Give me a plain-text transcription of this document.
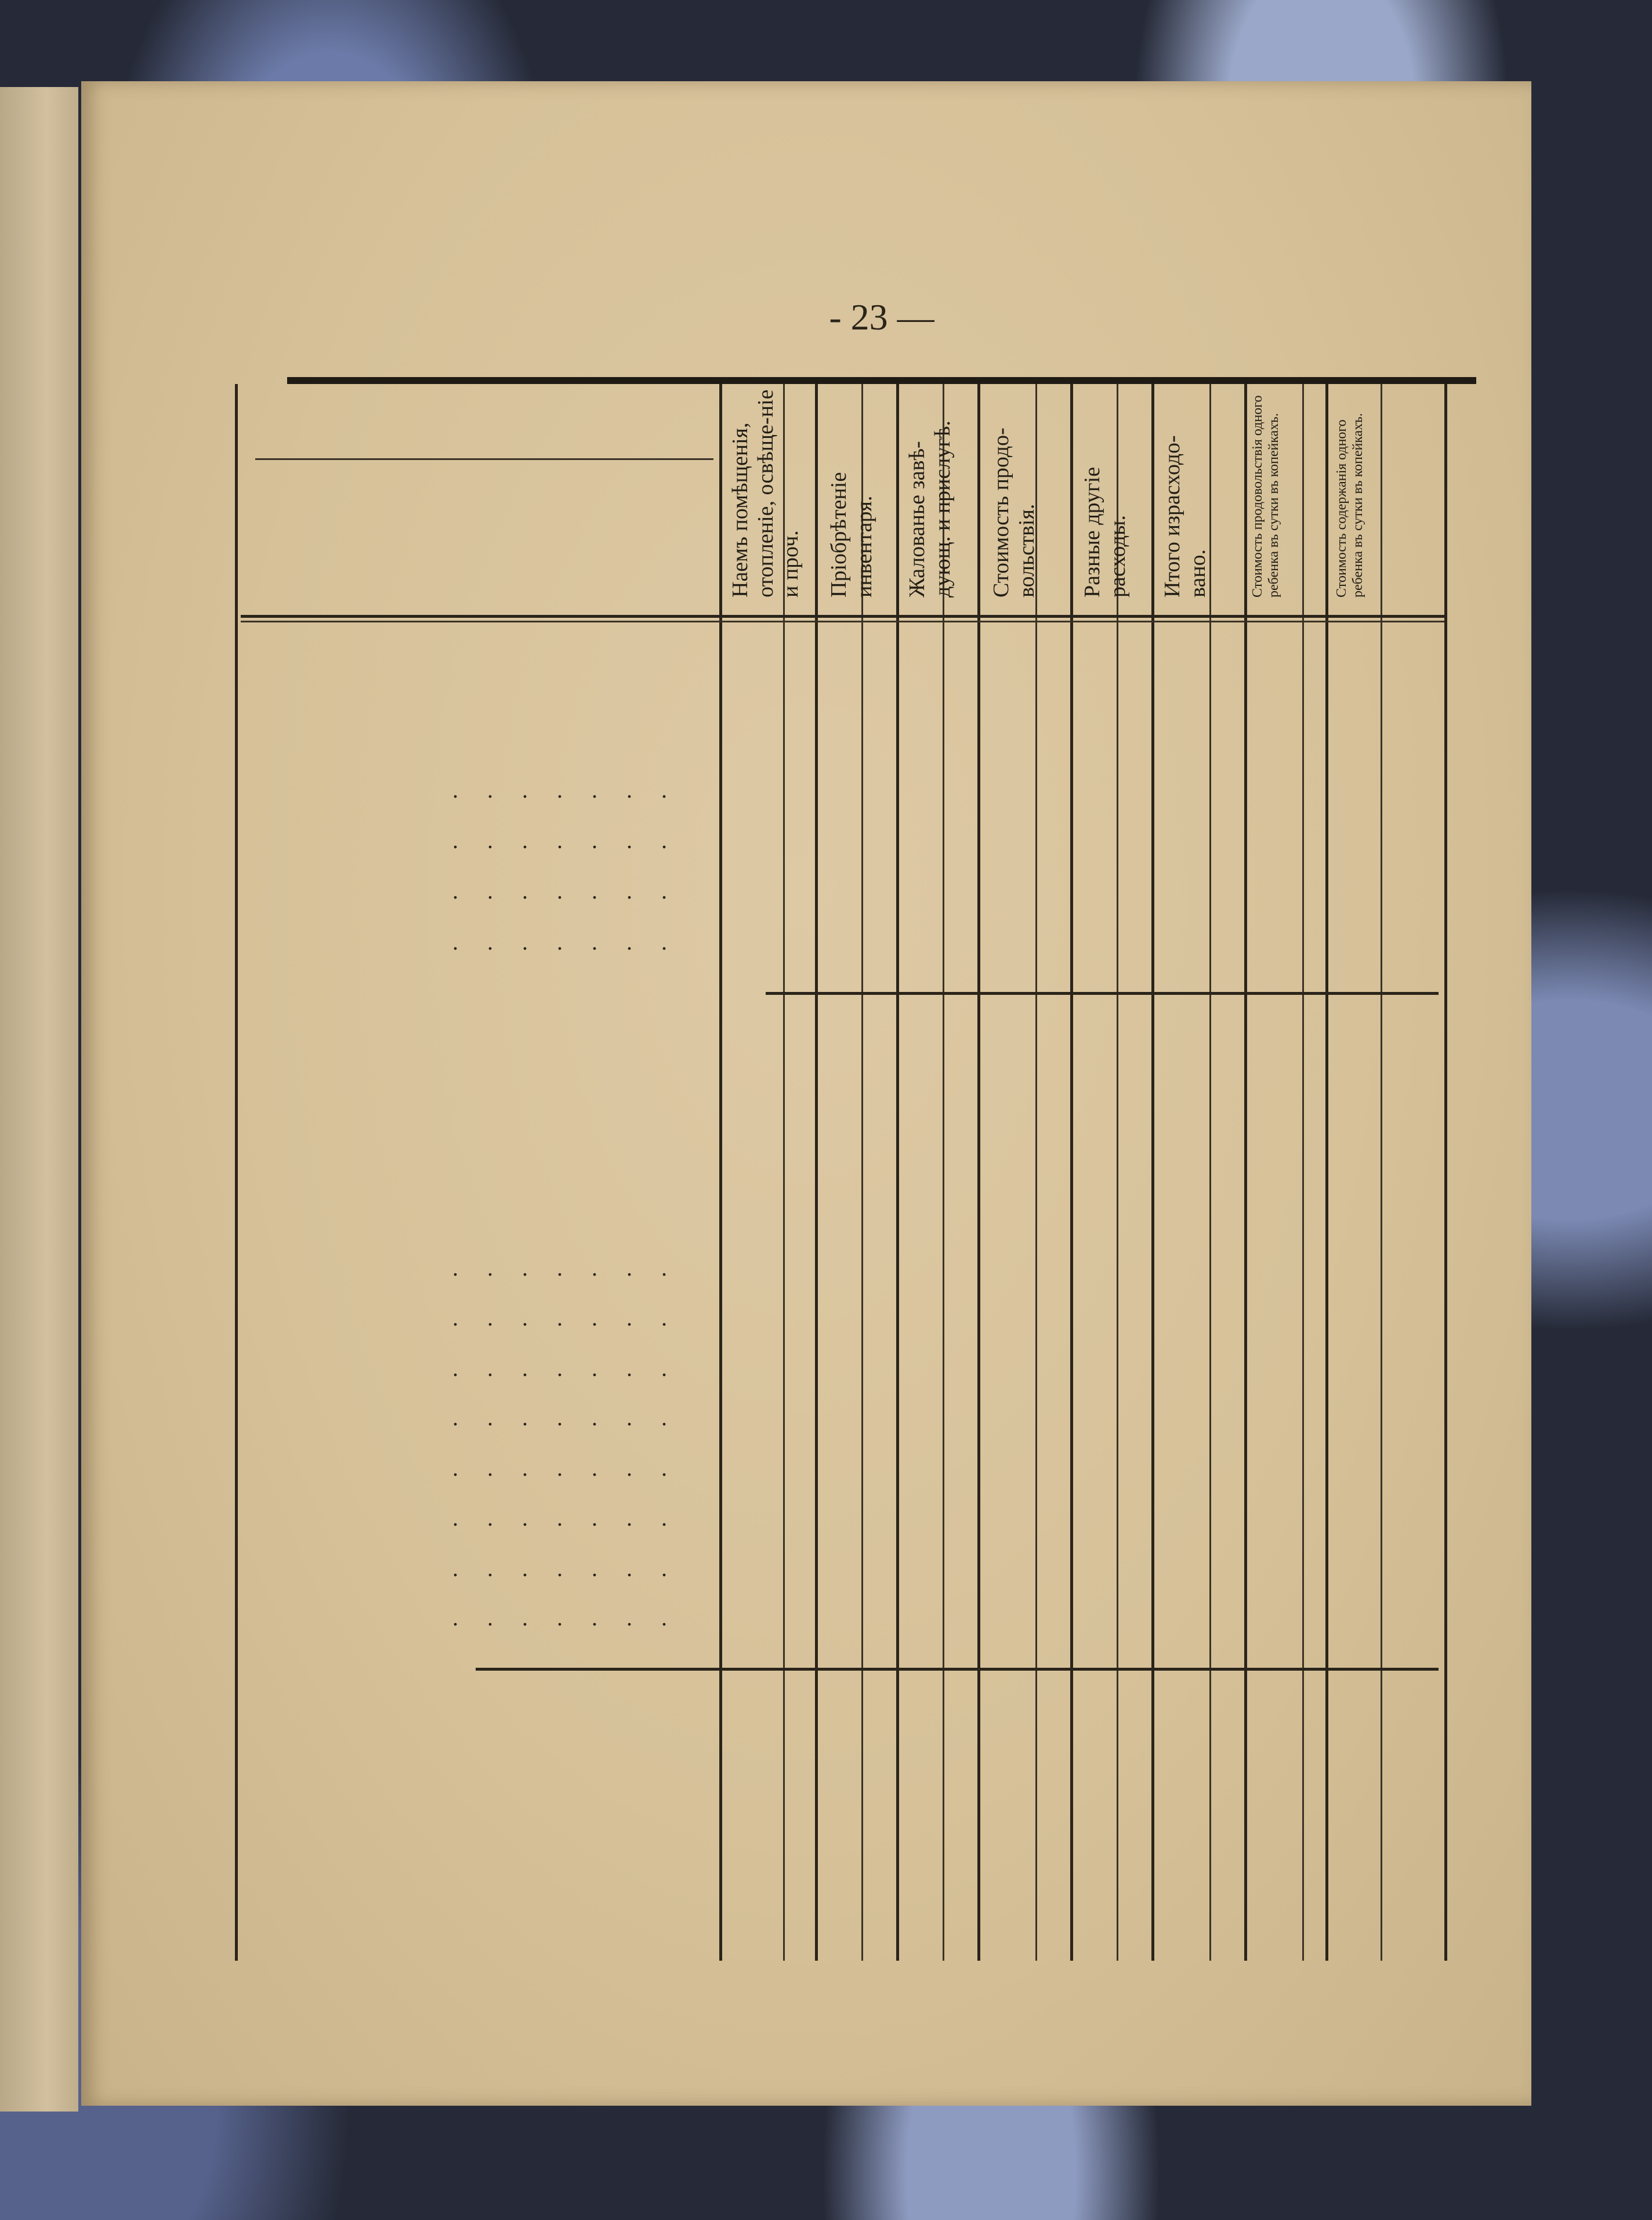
- 23 —
Наемъ помѣщенія, отопленіе, освѣще-ніе и проч. Пріобрѣтеніе инвентаря. Жалованье завѣ-дующ. и прислугѣ. Стоимость продо-вольствія. Разные другіе расходы. Итого израсходо-вано.	Стоимость продовольствія одного ребенка въ сутки въ копейкахъ.	Стоимость содержанія одного ребенка въ сутки въ копейкахъ.
. . . . . . .
. . . . . . .
. . . . . . .
. . . . . . .
. . . . . . .
. . . . . . .
. . . . . . .
. . . . . . .
. . . . . . .
. . . . . . .
. . . . . . .
. . . . . . .
